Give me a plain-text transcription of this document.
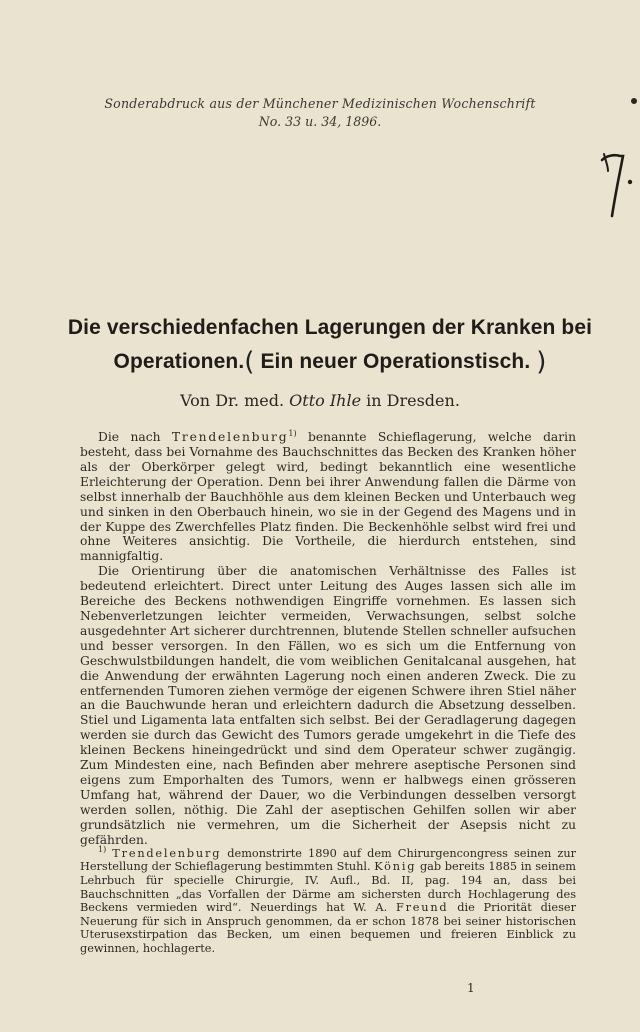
Sonderabdruck aus der Münchener Medizinischen Wochenschrift
No. 33 u. 34, 1896.
Die verschiedenfachen Lagerungen der Kranken bei
Operationen.( Ein neuer Operationstisch. )
Von Dr. med. Otto Ihle in Dresden.

Die nach Trendelenburg$^{1)}$ benannte Schieflagerung, welche darin besteht, dass bei Vornahme des Bauchschnittes das Becken des Kranken höher als der Oberkörper gelegt wird, bedingt bekanntlich eine wesentliche Erleichterung der Operation. Denn bei ihrer Anwendung fallen die Därme von selbst innerhalb der Bauchhöhle aus dem kleinen Becken und Unterbauch weg und sinken in den Oberbauch hinein, wo sie in der Gegend des Magens und in der Kuppe des Zwerchfelles Platz finden. Die Beckenhöhle selbst wird frei und ohne Weiteres ansichtig. Die Vortheile, die hierdurch entstehen, sind mannigfaltig.

Die Orientirung über die anatomischen Verhältnisse des Falles ist bedeutend erleichtert. Direct unter Leitung des Auges lassen sich alle im Bereiche des Beckens nothwendigen Eingriffe vornehmen. Es lassen sich Nebenverletzungen leichter vermeiden, Verwachsungen, selbst solche ausgedehnter Art sicherer durchtrennen, blutende Stellen schneller aufsuchen und besser versorgen. In den Fällen, wo es sich um die Entfernung von Geschwulstbildungen handelt, die vom weiblichen Genitalcanal ausgehen, hat die Anwendung der erwähnten Lagerung noch einen anderen Zweck. Die zu entfernenden Tumoren ziehen vermöge der eigenen Schwere ihren Stiel näher an die Bauchwunde heran und erleichtern dadurch die Absetzung desselben. Stiel und Ligamenta lata entfalten sich selbst. Bei der Geradlagerung dagegen werden sie durch das Gewicht des Tumors gerade umgekehrt in die Tiefe des kleinen Beckens hineingedrückt und sind dem Operateur schwer zugängig. Zum Mindesten eine, nach Befinden aber mehrere aseptische Personen sind eigens zum Emporhalten des Tumors, wenn er halbwegs einen grösseren Umfang hat, während der Dauer, wo die Verbindungen desselben versorgt werden sollen, nöthig. Die Zahl der aseptischen Gehilfen sollen wir aber grundsätzlich nie vermehren, um die Sicherheit der Asepsis nicht zu gefährden.

$^{1)}$ Trendelenburg demonstrirte 1890 auf dem Chirurgencongress seinen zur Herstellung der Schieflagerung bestimmten Stuhl. König gab bereits 1885 in seinem Lehrbuch für specielle Chirurgie, IV. Aufl., Bd. II, pag. 194 an, dass bei Bauchschnitten „das Vorfallen der Därme am sichersten durch Hochlagerung des Beckens vermieden wird“. Neuerdings hat W. A. Freund die Priorität dieser Neuerung für sich in Anspruch genommen, da er schon 1878 bei seiner historischen Uterusexstirpation das Becken, um einen bequemen und freieren Einblick zu gewinnen, hochlagerte.

1
